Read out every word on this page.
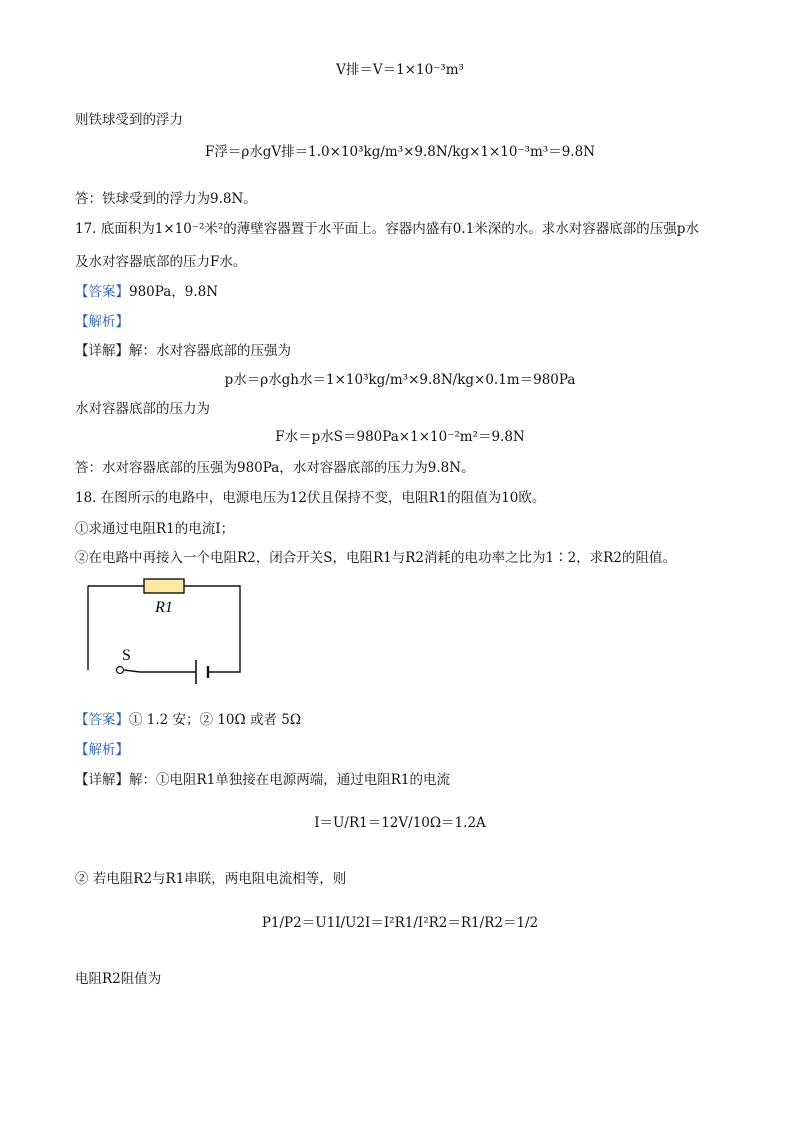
V排＝V＝1×10⁻³m³
则铁球受到的浮力
F浮＝ρ水gV排＝1.0×10³kg/m³×9.8N/kg×1×10⁻³m³＝9.8N
答：铁球受到的浮力为9.8N。
17. 底面积为1×10⁻²米²的薄壁容器置于水平面上。容器内盛有0.1米深的水。求水对容器底部的压强p水
及水对容器底部的压力F水。
【答案】980Pa，9.8N
【解析】
【详解】解：水对容器底部的压强为
p水＝ρ水gh水＝1×10³kg/m³×9.8N/kg×0.1m＝980Pa
水对容器底部的压力为
F水＝p水S＝980Pa×1×10⁻²m²＝9.8N
答：水对容器底部的压强为980Pa，水对容器底部的压力为9.8N。
18. 在图所示的电路中，电源电压为12伏且保持不变，电阻R1的阻值为10欧。
①求通过电阻R1的电流I；
②在电路中再接入一个电阻R2，闭合开关S，电阻R1与R2消耗的电功率之比为1∶2，求R2的阻值。
R1
S
【答案】① 1.2 安；② 10Ω 或者 5Ω
【解析】
【详解】解：①电阻R1单独接在电源两端，通过电阻R1的电流
I＝U/R1＝12V/10Ω＝1.2A
② 若电阻R2与R1串联，两电阻电流相等，则
P1/P2＝U1I/U2I＝I²R1/I²R2＝R1/R2＝1/2
电阻R2阻值为
